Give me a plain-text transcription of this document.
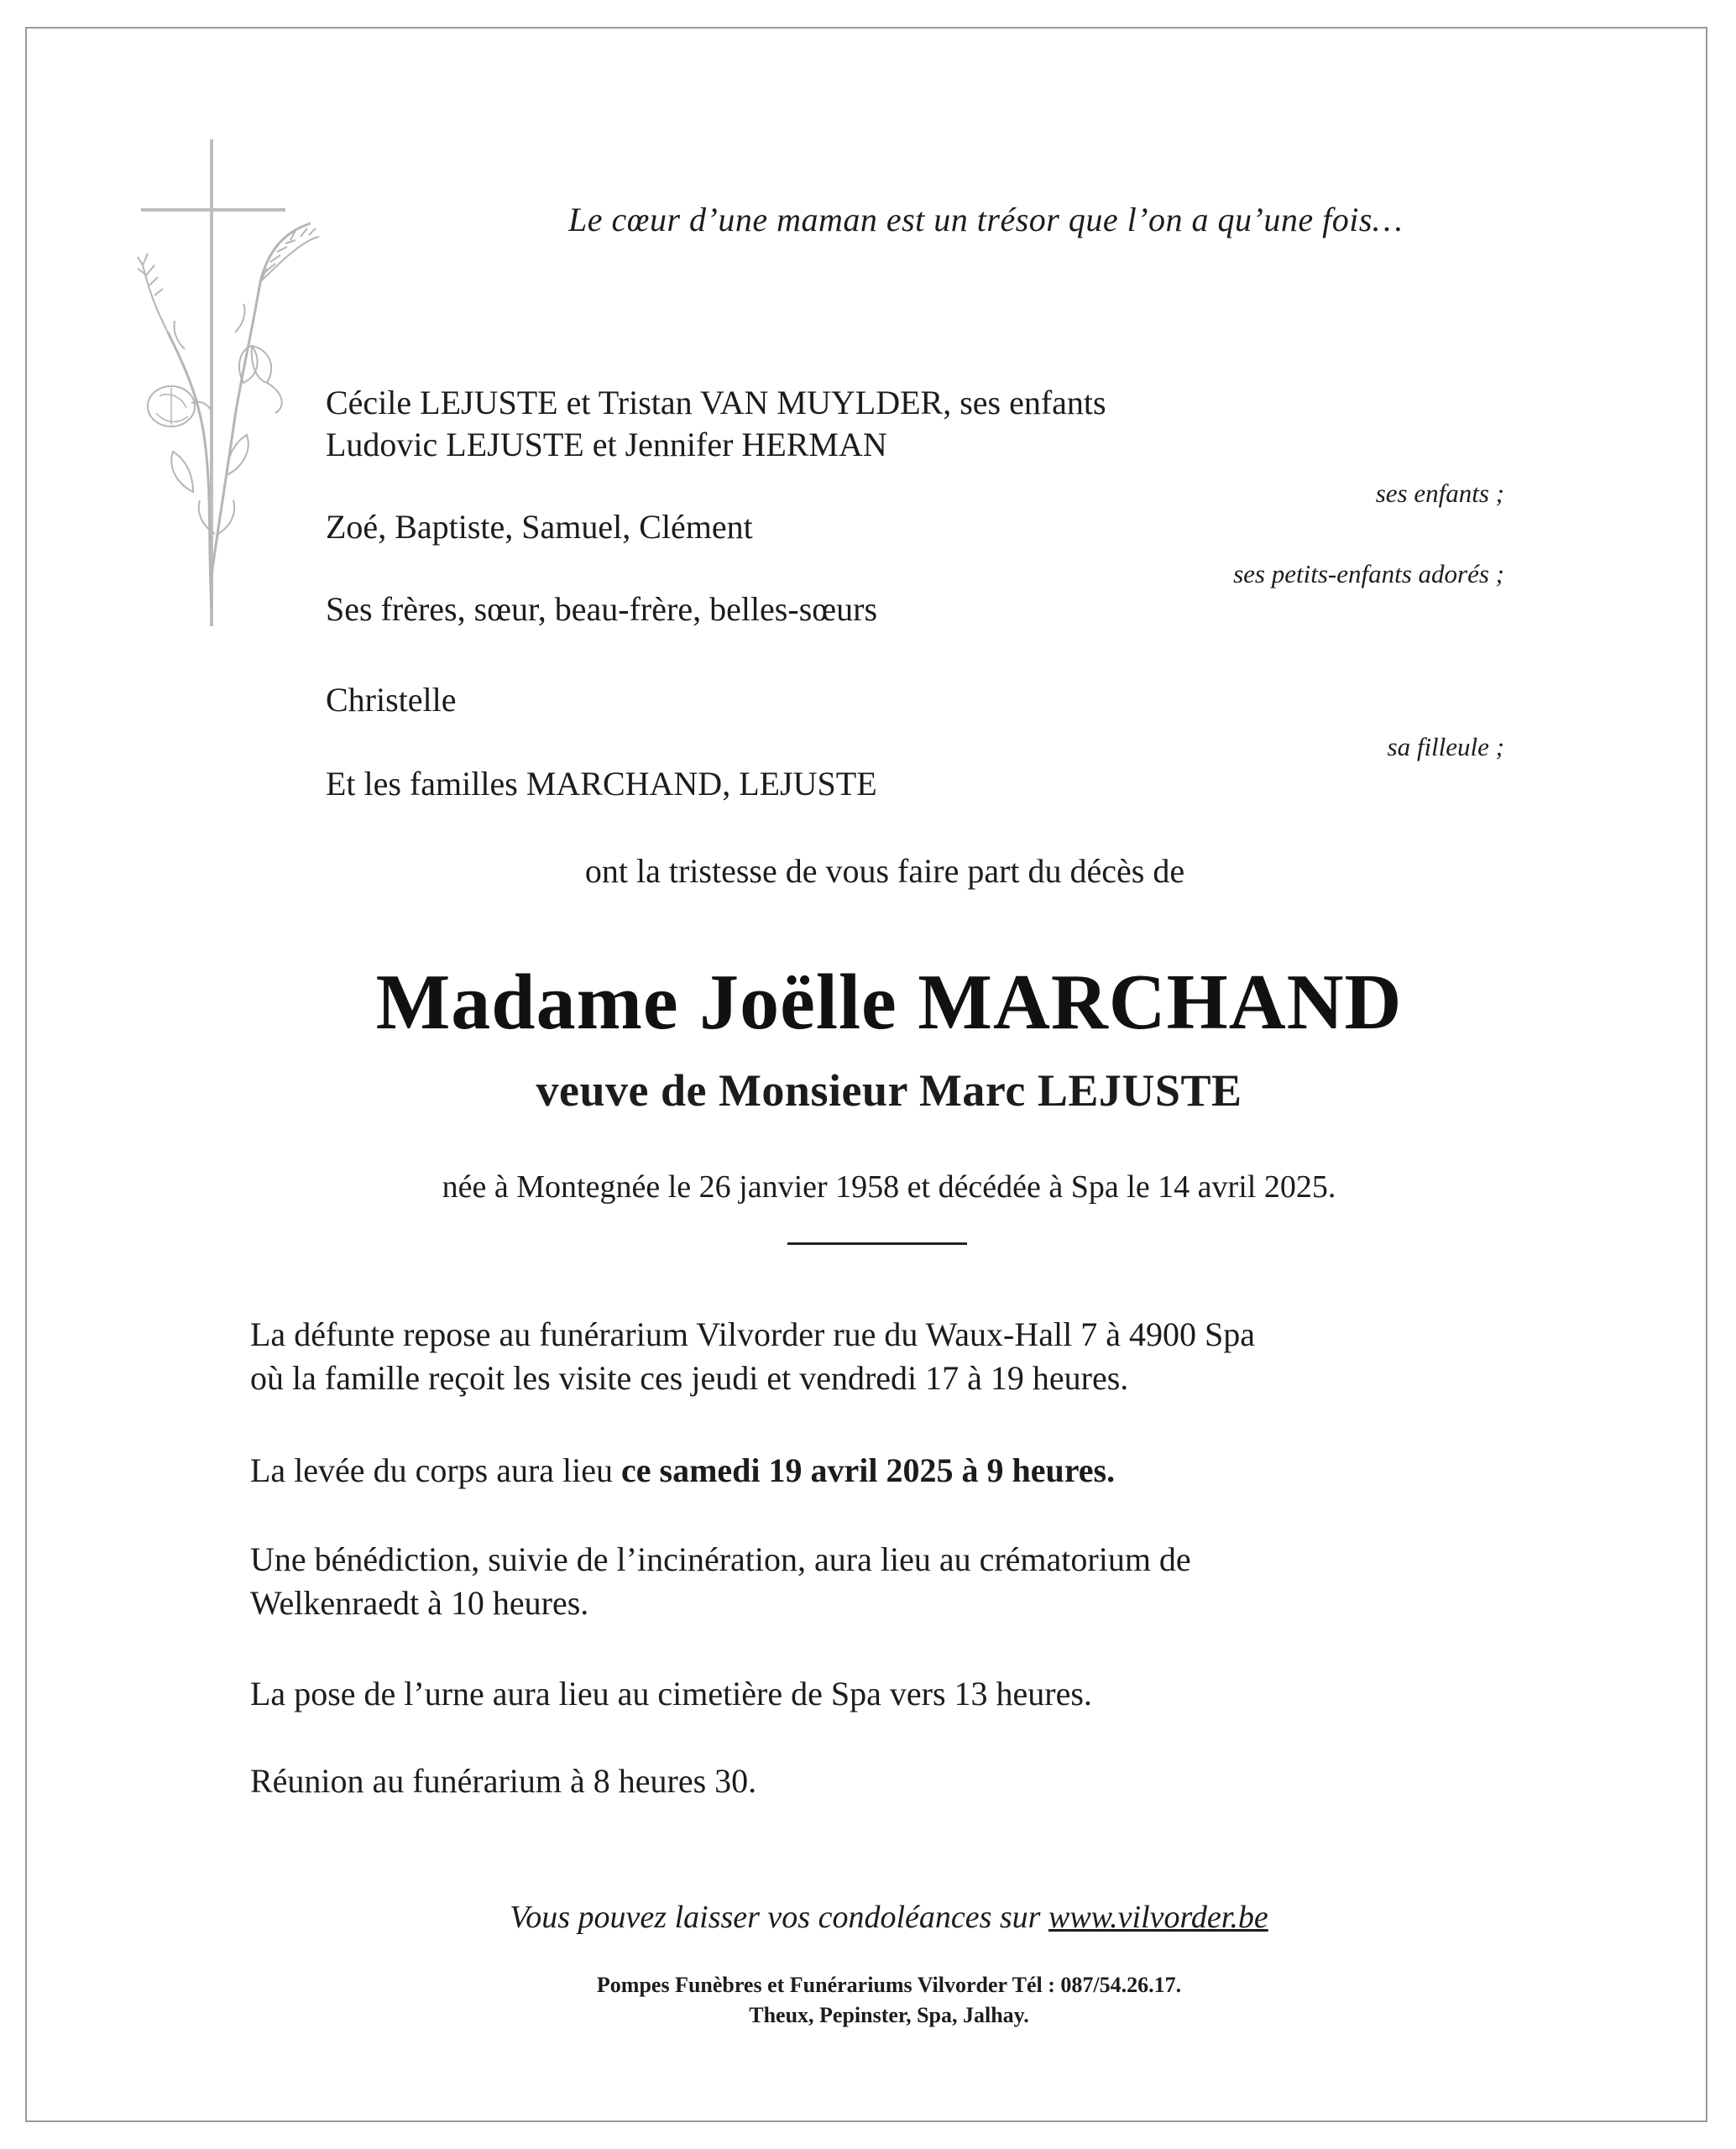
Le cœur d’une maman est un trésor que l’on a qu’une fois…
Cécile LEJUSTE et Tristan VAN MUYLDER, ses enfants
Ludovic LEJUSTE et Jennifer HERMAN
ses enfants ;
Zoé, Baptiste, Samuel, Clément
ses petits-enfants adorés ;
Ses frères, sœur, beau-frère, belles-sœurs
Christelle
sa filleule ;
Et les familles MARCHAND, LEJUSTE
ont la tristesse de vous faire part du décès de
Madame Joëlle MARCHAND
veuve de Monsieur Marc LEJUSTE
née à Montegnée le 26 janvier 1958 et décédée à Spa le 14 avril 2025.
La défunte repose au funérarium Vilvorder rue du Waux-Hall 7 à 4900 Spa
où la famille reçoit les visite ces jeudi et vendredi 17 à 19 heures.
La levée du corps aura lieu ce samedi 19 avril 2025 à 9 heures.
Une bénédiction, suivie de l’incinération, aura lieu au crématorium de
Welkenraedt à 10 heures.
La pose de l’urne aura lieu au cimetière de Spa vers 13 heures.
Réunion au funérarium à 8 heures 30.
Vous pouvez laisser vos condoléances sur www.vilvorder.be
Pompes Funèbres et Funérariums Vilvorder Tél : 087/54.26.17.
Theux, Pepinster, Spa, Jalhay.
